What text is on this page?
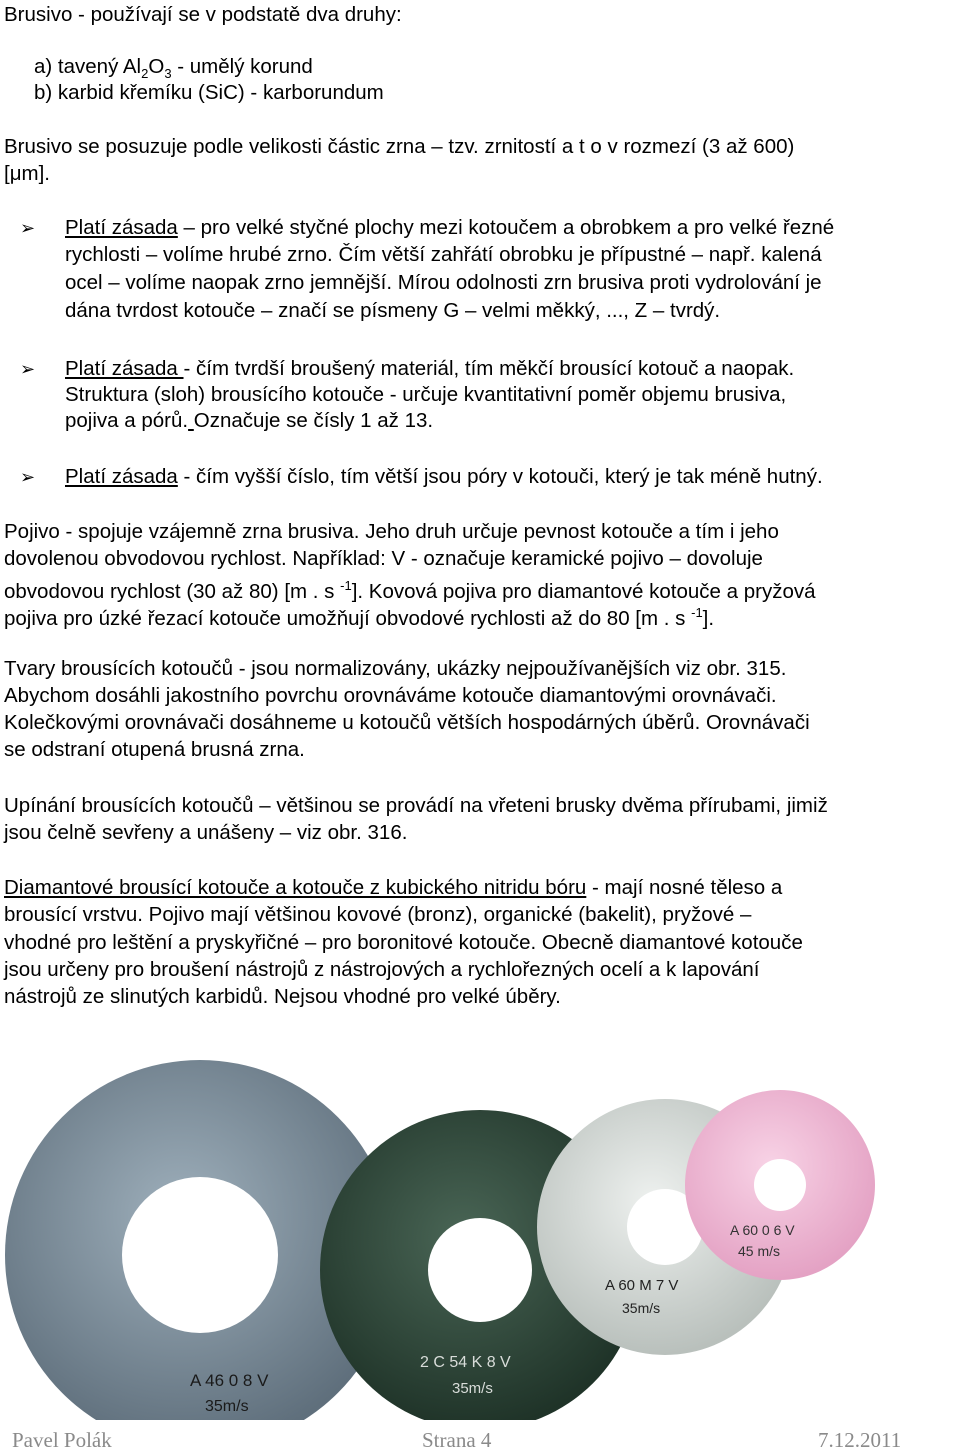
Brusivo - používají se v podstatě dva druhy:
a) tavený $Al_2O_3$ - umělý korund
b) karbid křemíku (SiC) - karborundum
Brusivo se posuzuje podle velikosti částic zrna – tzv. zrnitostí a t o v rozmezí (3 až 600)
[μm].
➢ Platí zásada – pro velké styčné plochy mezi kotoučem a obrobkem a pro velké řezné
rychlosti – volíme hrubé zrno. Čím větší zahřátí obrobku je přípustné – např. kalená
ocel – volíme naopak zrno jemnější. Mírou odolnosti zrn brusiva proti vydrolování je
dána tvrdost kotouče – značí se písmeny G – velmi měkký, ..., Z – tvrdý.
➢ Platí zásada - čím tvrdší broušený materiál, tím měkčí brousící kotouč a naopak.
Struktura (sloh) brousícího kotouče - určuje kvantitativní poměr objemu brusiva,
pojiva a pórů. Označuje se čísly 1 až 13.
➢ Platí zásada - čím vyšší číslo, tím větší jsou póry v kotouči, který je tak méně hutný.
Pojivo - spojuje vzájemně zrna brusiva. Jeho druh určuje pevnost kotouče a tím i jeho
dovolenou obvodovou rychlost. Například: V - označuje keramické pojivo – dovoluje
obvodovou rychlost (30 až 80) [m . s $^{-1}$]. Kovová pojiva pro diamantové kotouče a pryžová
pojiva pro úzké řezací kotouče umožňují obvodové rychlosti až do 80 [m . s $^{-1}$].
Tvary brousících kotoučů - jsou normalizovány, ukázky nejpoužívanějších viz obr. 315.
Abychom dosáhli jakostního povrchu orovnáváme kotouče diamantovými orovnávači.
Kolečkovými orovnávači dosáhneme u kotoučů větších hospodárných úběrů. Orovnávači
se odstraní otupená brusná zrna.
Upínání brousících kotoučů – většinou se provádí na vřeteni brusky dvěma přírubami, jimiž
jsou čelně sevřeny a unášeny – viz obr. 316.
Diamantové brousící kotouče a kotouče z kubického nitridu bóru - mají nosné těleso a
brousící vrstvu. Pojivo mají většinou kovové (bronz), organické (bakelit), pryžové –
vhodné pro leštění a pryskyřičné – pro boronitové kotouče. Obecně diamantové kotouče
jsou určeny pro broušení nástrojů z nástrojových a rychlořezných ocelí a k lapování
nástrojů ze slinutých karbidů. Nejsou vhodné pro velké úběry.
A 46 0 8 V
35m/s
2 C 54 K 8 V
35m/s
A 60 M 7 V
35m/s
A 60 0 6 V
45 m/s
Pavel Polák	Strana 4	7.12.2011
